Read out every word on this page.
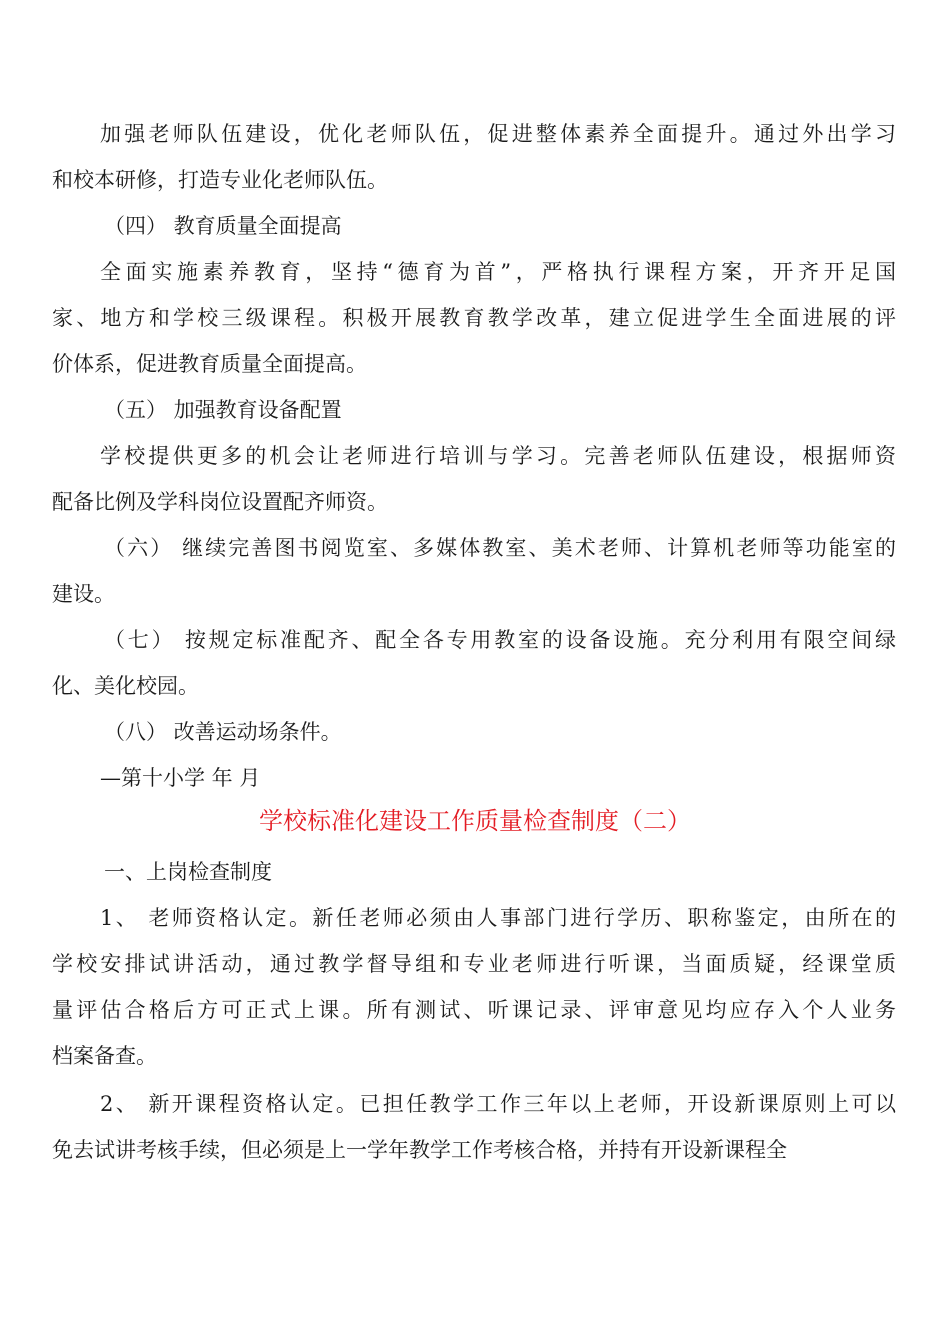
加强老师队伍建设，优化老师队伍，促进整体素养全面提升。通过外出学习
和校本研修，打造专业化老师队伍。
（四） 教育质量全面提高
全面实施素养教育，坚持“德育为首”，严格执行课程方案，开齐开足国
家、地方和学校三级课程。积极开展教育教学改革，建立促进学生全面进展的评
价体系，促进教育质量全面提高。
（五） 加强教育设备配置
学校提供更多的机会让老师进行培训与学习。完善老师队伍建设，根据师资
配备比例及学科岗位设置配齐师资。
（六） 继续完善图书阅览室、多媒体教室、美术老师、计算机老师等功能室的
建设。
（七） 按规定标准配齐、配全各专用教室的设备设施。充分利用有限空间绿
化、美化校园。
（八） 改善运动场条件。
—第十小学 年 月
学校标准化建设工作质量检查制度（二）
一、上岗检查制度
1、 老师资格认定。新任老师必须由人事部门进行学历、职称鉴定，由所在的
学校安排试讲活动，通过教学督导组和专业老师进行听课，当面质疑，经课堂质
量评估合格后方可正式上课。所有测试、听课记录、评审意见均应存入个人业务
档案备查。
2、 新开课程资格认定。已担任教学工作三年以上老师，开设新课原则上可以
免去试讲考核手续，但必须是上一学年教学工作考核合格，并持有开设新课程全
